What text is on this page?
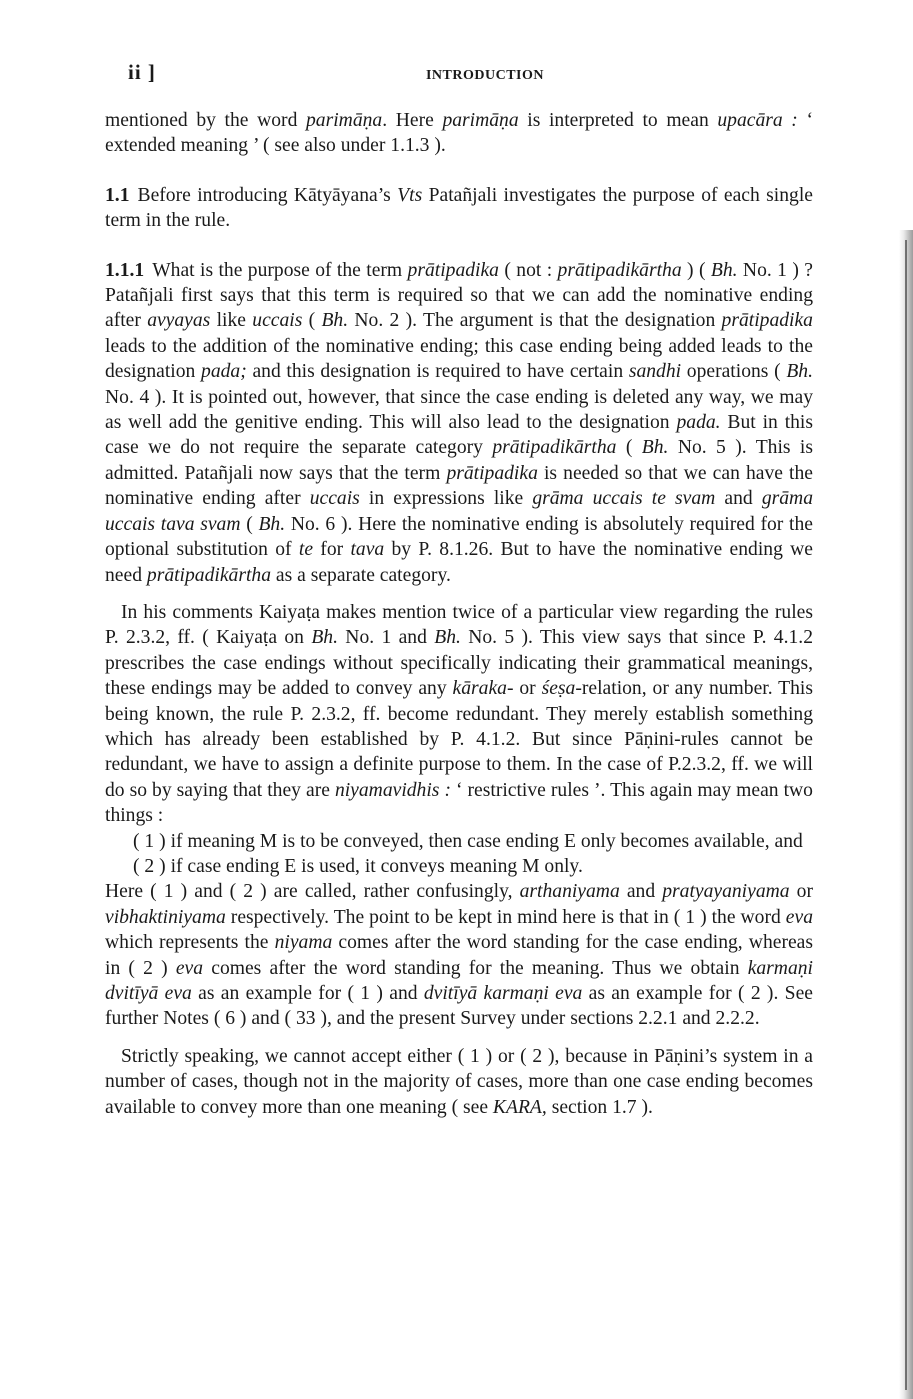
ii ]	INTRODUCTION

mentioned by the word parimāṇa. Here parimāṇa is interpreted to mean upacāra : ‘ extended meaning ’ ( see also under 1.1.3 ).

1.1 Before introducing Kātyāyana’s Vts Patañjali investigates the purpose of each single term in the rule.

1.1.1 What is the purpose of the term prātipadika ( not : prātipadikārtha ) ( Bh. No. 1 ) ? Patañjali first says that this term is required so that we can add the nominative ending after avyayas like uccais ( Bh. No. 2 ). The argument is that the designation prātipadika leads to the addition of the nominative ending; this case ending being added leads to the designation pada; and this designation is required to have certain sandhi operations ( Bh. No. 4 ). It is pointed out, however, that since the case ending is deleted any way, we may as well add the genitive ending. This will also lead to the designation pada. But in this case we do not require the separate category prātipadikārtha ( Bh. No. 5 ). This is admitted. Patañjali now says that the term prātipadika is needed so that we can have the nominative ending after uccais in expressions like grāma uccais te svam and grāma uccais tava svam ( Bh. No. 6 ). Here the nominative ending is absolutely required for the optional substitution of te for tava by P. 8.1.26. But to have the nominative ending we need prātipadikārtha as a separate category.

In his comments Kaiyaṭa makes mention twice of a particular view regarding the rules P. 2.3.2, ff. ( Kaiyaṭa on Bh. No. 1 and Bh. No. 5 ). This view says that since P. 4.1.2 prescribes the case endings without specifically indicating their grammatical meanings, these endings may be added to convey any kāraka- or śeṣa-relation, or any number. This being known, the rule P. 2.3.2, ff. become redundant. They merely establish something which has already been established by P. 4.1.2. But since Pāṇini-rules cannot be redundant, we have to assign a definite purpose to them. In the case of P.2.3.2, ff. we will do so by saying that they are niyamavidhis : ‘ restrictive rules ’. This again may mean two things :

( 1 ) if meaning M is to be conveyed, then case ending E only becomes available, and

( 2 ) if case ending E is used, it conveys meaning M only.

Here ( 1 ) and ( 2 ) are called, rather confusingly, arthaniyama and pratyayaniyama or vibhaktiniyama respectively. The point to be kept in mind here is that in ( 1 ) the word eva which represents the niyama comes after the word standing for the case ending, whereas in ( 2 ) eva comes after the word standing for the meaning. Thus we obtain karmaṇi dvitīyā eva as an example for ( 1 ) and dvitīyā karmaṇi eva as an example for ( 2 ). See further Notes ( 6 ) and ( 33 ), and the present Survey under sections 2.2.1 and 2.2.2.

Strictly speaking, we cannot accept either ( 1 ) or ( 2 ), because in Pāṇini’s system in a number of cases, though not in the majority of cases, more than one case ending becomes available to convey more than one meaning ( see KARA, section 1.7 ).
